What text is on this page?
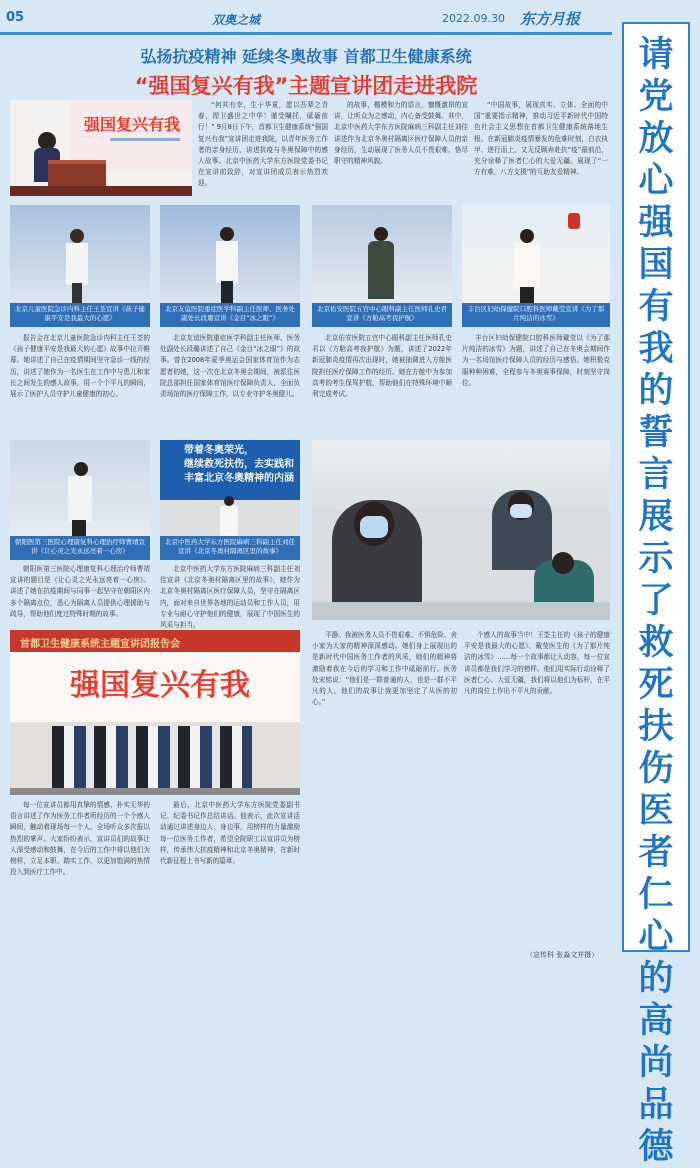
05	双奥之城	2022.09.30 东方月报
弘扬抗疫精神 延续冬奥故事 首都卫生健康系统
“强国复兴有我”主题宣讲团走进我院
强国复兴有我

“何其有幸，生于华夏，愿以吾辈之青春，捍卫盛世之中华！谨受嘱托，砥砺前行！” 9月8日下午，首都卫生健康系统“强国复兴有我”宣讲团走进我院，以青年医务工作者的亲身经历，讲述抗疫与冬奥保障中的感人故事。北京中医药大学东方医院党委书记在宣讲前致辞，对宣讲团成员表示热烈欢迎。

的故事，楷模和力的语言，慷慨激昂的宣讲，让听众为之感动，内心备受鼓舞。其中，北京中医药大学东方医院麻病三科副主任刘佳讲述作为北京冬奥村隔离区医疗保障人员的亲身经历，生动展现了医务人员不畏艰难、恪尽职守的精神风貌。

“中国故事，展现真实、立体、全面的中国”重要指示精神，推动习近平新时代中国特色社会主义思想在首都卫生健康系统落地生根。在新冠肺炎疫情暴发的危难时刻，白衣执甲、逆行而上，又无反顾奔赴抗“疫”最前沿，充分诠释了医者仁心的大爱无疆。展现了“一方有难，八方支援”的互助友爱精神。

北京儿童医院急诊内科主任王荃宣讲《孩子健康平安是我最大的心愿》
北京友谊医院重症医学科副主任医师、医务处副处长段璐宣讲《金目“冰之眼”》
北京佑安医院五官中心眼科副主任医师孔史君宣讲《方舱高考我护航》
丰台区妇幼保健院口腔科医师戴莹宣讲《为了那片纯洁的冰雪》

报告会在北京儿童医院急诊内科主任王荃的《孩子健康平安是我最大的心愿》故事中拉开帷幕。她讲述了自己在疫情期间坚守急诊一线的经历，讲述了她作为一名医生在工作中与患儿和家长之间发生的感人故事，用一个个平凡的瞬间，展示了医护人员守护儿童健康的初心。

北京友谊医院重症医学科副主任医师、医务处副处长段璐讲述了自己《金目“冰之眼”》的故事。曾在2008年夏季奥运会国家体育馆作为志愿者的她，这一次在北京冬奥会期间，被派往医院总部担任国家体育馆医疗保障负责人，全面负责场馆的医疗保障工作，以专业守护冬奥健儿。

北京佑安医院五官中心眼科副主任医师孔史君以《方舱高考我护航》为题，讲述了2022年新冠肺炎疫情再次出现时，她被抽调进入方舱医院担任医疗保障工作的经历。她在方舱中为参加高考的考生保驾护航，帮助他们在特殊环境中顺利完成考试。

丰台区妇幼保健院口腔科医师戴莹以《为了那片纯洁的冰雪》为题，讲述了自己在冬奥会期间作为一名场馆医疗保障人员的经历与感悟。她积极克服种种困难，全程参与冬奥赛事保障，时刻坚守岗位。

朝阳医第三医院心理康复科心理治疗师曹靖宣讲《让心灵之光永远亮着一心房》
带着冬奥荣光，
继续救死扶伤，去实践和
丰富北京冬奥精神的内涵
北京中医药大学东方医院麻病三科副主任刘佳宣讲《北京冬奥村隔离区里的故事》

朝阳医第三医院心理康复科心理治疗师曹靖宣讲的题目是《让心灵之光永远亮着一心房》。讲述了她在抗疫期间与同事一起坚守在朝阳区内多个隔离点位，悉心为隔离人员提供心理援助与疏导，帮助他们度过特殊时期的故事。

北京中医药大学东方医院麻病三科副主任刘佳宣讲《北京冬奥村隔离区里的故事》，她作为北京冬奥村隔离区医疗保障人员，坚守在隔离区内，面对来自世界各地的运动员和工作人员，用专业与耐心守护他们的健康，展现了中国医生的风采与担当。

首都卫生健康系统主题宣讲团报告会
强国复兴有我

每一位宣讲员都用真挚的情感、朴实无华的语言讲述了作为医务工作者所经历的一个个感人瞬间，触动着现场每一个人。全场听众多次报以热烈的掌声。大家纷纷表示，宣讲员们的故事让人深受感动和鼓舞，在今后的工作中将以他们为榜样，立足本职、踏实工作，以更加饱满的热情投入到医疗工作中。

最后，北京中医药大学东方医院党委副书记、纪委书记作总结讲话。他表示，此次宣讲活动通过讲述身边人、身边事，用榜样的力量激励每一位医务工作者，希望全院职工以宣讲员为榜样，传承伟大抗疫精神和北京冬奥精神，在新时代新征程上书写新的篇章。

平静。我被医务人员不畏艰难、不惧危险、舍小家为大家的精神深深感动。她们身上展现出的是新时代中国医务工作者的风采，她们的精神将激励着我在今后的学习和工作中砥砺前行。医务处宋铭说：“他们是一群普通的人，也是一群不平凡的人，他们的故事让我更加坚定了从医的初心。”

个感人的故事当中！王荃主任的《孩子的健康平安是我最大的心愿》、戴莹医生的《为了那片纯洁的冰雪》……每一个故事都让人动容，每一位宣讲员都是我们学习的榜样。他们用实际行动诠释了医者仁心、大爱无疆，我们将以他们为标杆，在平凡的岗位上作出不平凡的贡献。

（宣传科 张淼文并摄）
请
党
放
心
强
国
有
我
的
誓
言
展
示
了
救
死
扶
伤
医
者
仁
心
的
高
尚
品
德
